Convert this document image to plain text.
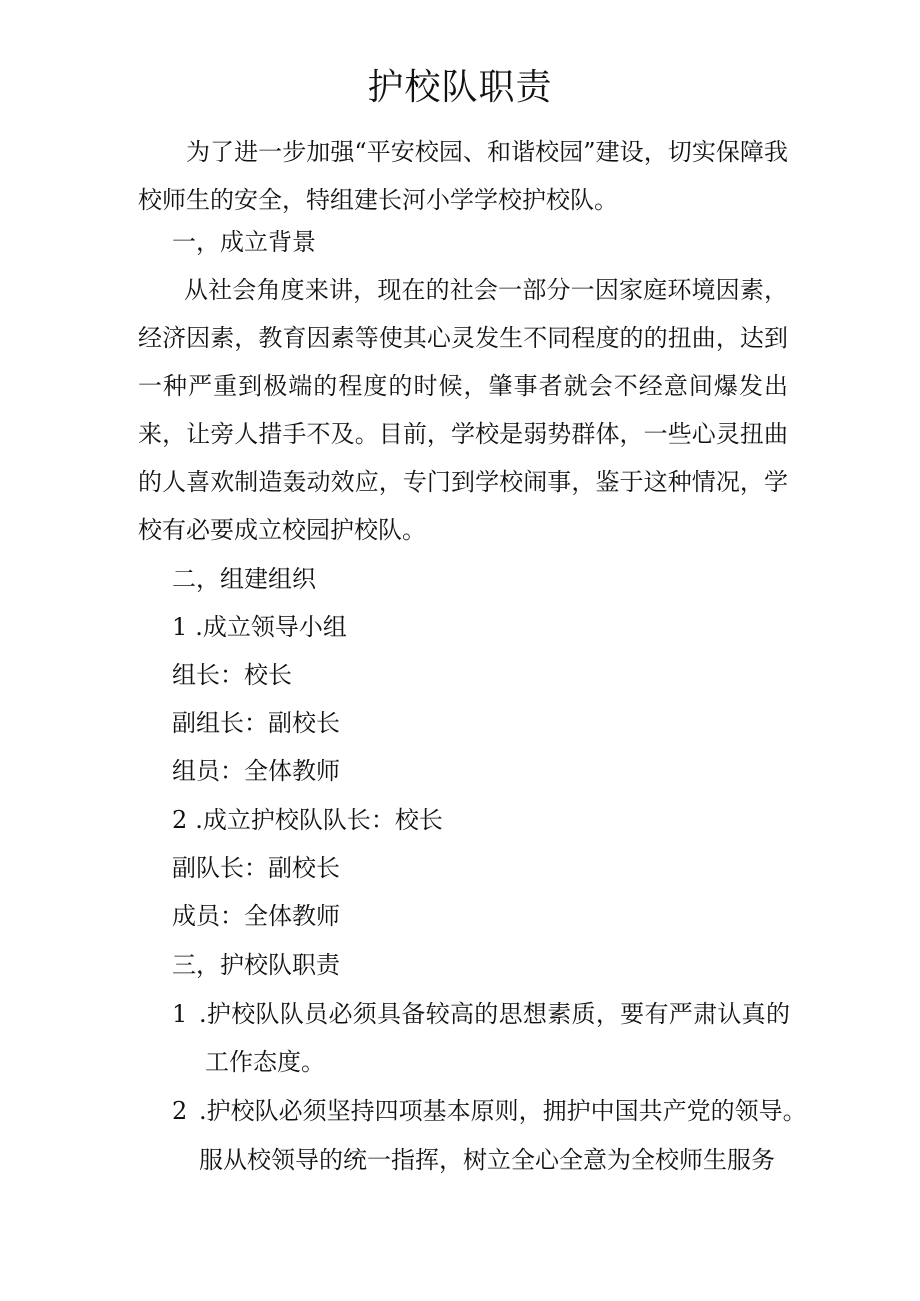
护校队职责
为了进一步加强“平安校园、和谐校园”建设，切实保障我校师生的安全，特组建长河小学学校护校队。
一，成立背景
从社会角度来讲，现在的社会一部分一因家庭环境因素，经济因素，教育因素等使其心灵发生不同程度的的扭曲，达到一种严重到极端的程度的时候，肇事者就会不经意间爆发出来，让旁人措手不及。目前，学校是弱势群体，一些心灵扭曲的人喜欢制造轰动效应，专门到学校闹事，鉴于这种情况，学校有必要成立校园护校队。
二，组建组织
1 .成立领导小组
组长：校长
副组长：副校长
组员：全体教师
2 .成立护校队队长：校长
副队长：副校长
成员：全体教师
三，护校队职责
1 .护校队队员必须具备较高的思想素质，要有严肃认真的工作态度。
2 .护校队必须坚持四项基本原则，拥护中国共产党的领导。
服从校领导的统一指挥，树立全心全意为全校师生服务
